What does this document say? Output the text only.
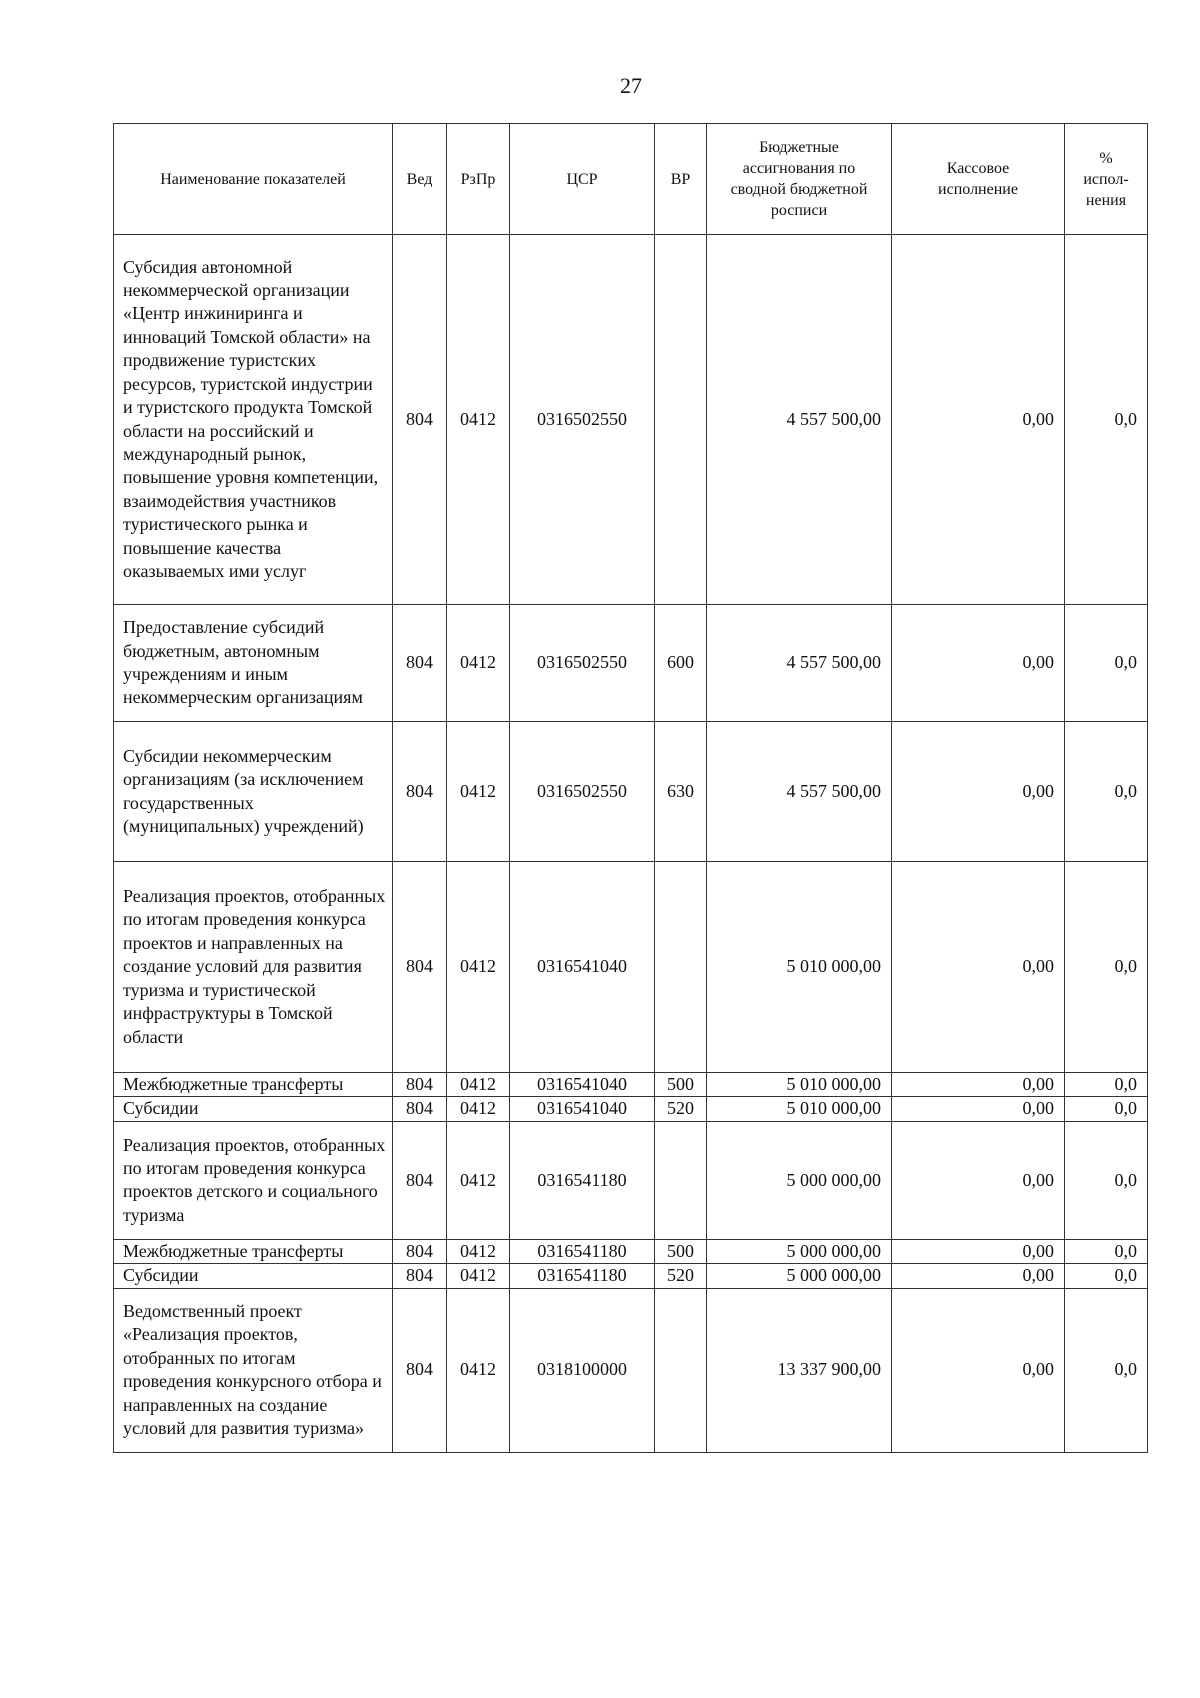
27
Наименование показателей	Вед	РзПр	ЦСР	ВР	Бюджетные ассигнования по сводной бюджетной росписи	Кассовое исполнение	% испол-нения
Субсидия автономной некоммерческой организации «Центр инжиниринга и инноваций Томской области» на продвижение туристских ресурсов, туристской индустрии и туристского продукта Томской области на российский и международный рынок, повышение уровня компетенции, взаимодействия участников туристического рынка и повышение качества оказываемых ими услуг	804	0412	0316502550		4 557 500,00	0,00	0,0
Предоставление субсидий бюджетным, автономным учреждениям и иным некоммерческим организациям	804	0412	0316502550	600	4 557 500,00	0,00	0,0
Субсидии некоммерческим организациям (за исключением государственных (муниципальных) учреждений)	804	0412	0316502550	630	4 557 500,00	0,00	0,0
Реализация проектов, отобранных по итогам проведения конкурса проектов и направленных на создание условий для развития туризма и туристической инфраструктуры в Томской области	804	0412	0316541040		5 010 000,00	0,00	0,0
Межбюджетные трансферты	804	0412	0316541040	500	5 010 000,00	0,00	0,0
Субсидии	804	0412	0316541040	520	5 010 000,00	0,00	0,0
Реализация проектов, отобранных по итогам проведения конкурса проектов детского и социального туризма	804	0412	0316541180		5 000 000,00	0,00	0,0
Межбюджетные трансферты	804	0412	0316541180	500	5 000 000,00	0,00	0,0
Субсидии	804	0412	0316541180	520	5 000 000,00	0,00	0,0
Ведомственный проект «Реализация проектов, отобранных по итогам проведения конкурсного отбора и направленных на создание условий для развития туризма»	804	0412	0318100000		13 337 900,00	0,00	0,0
